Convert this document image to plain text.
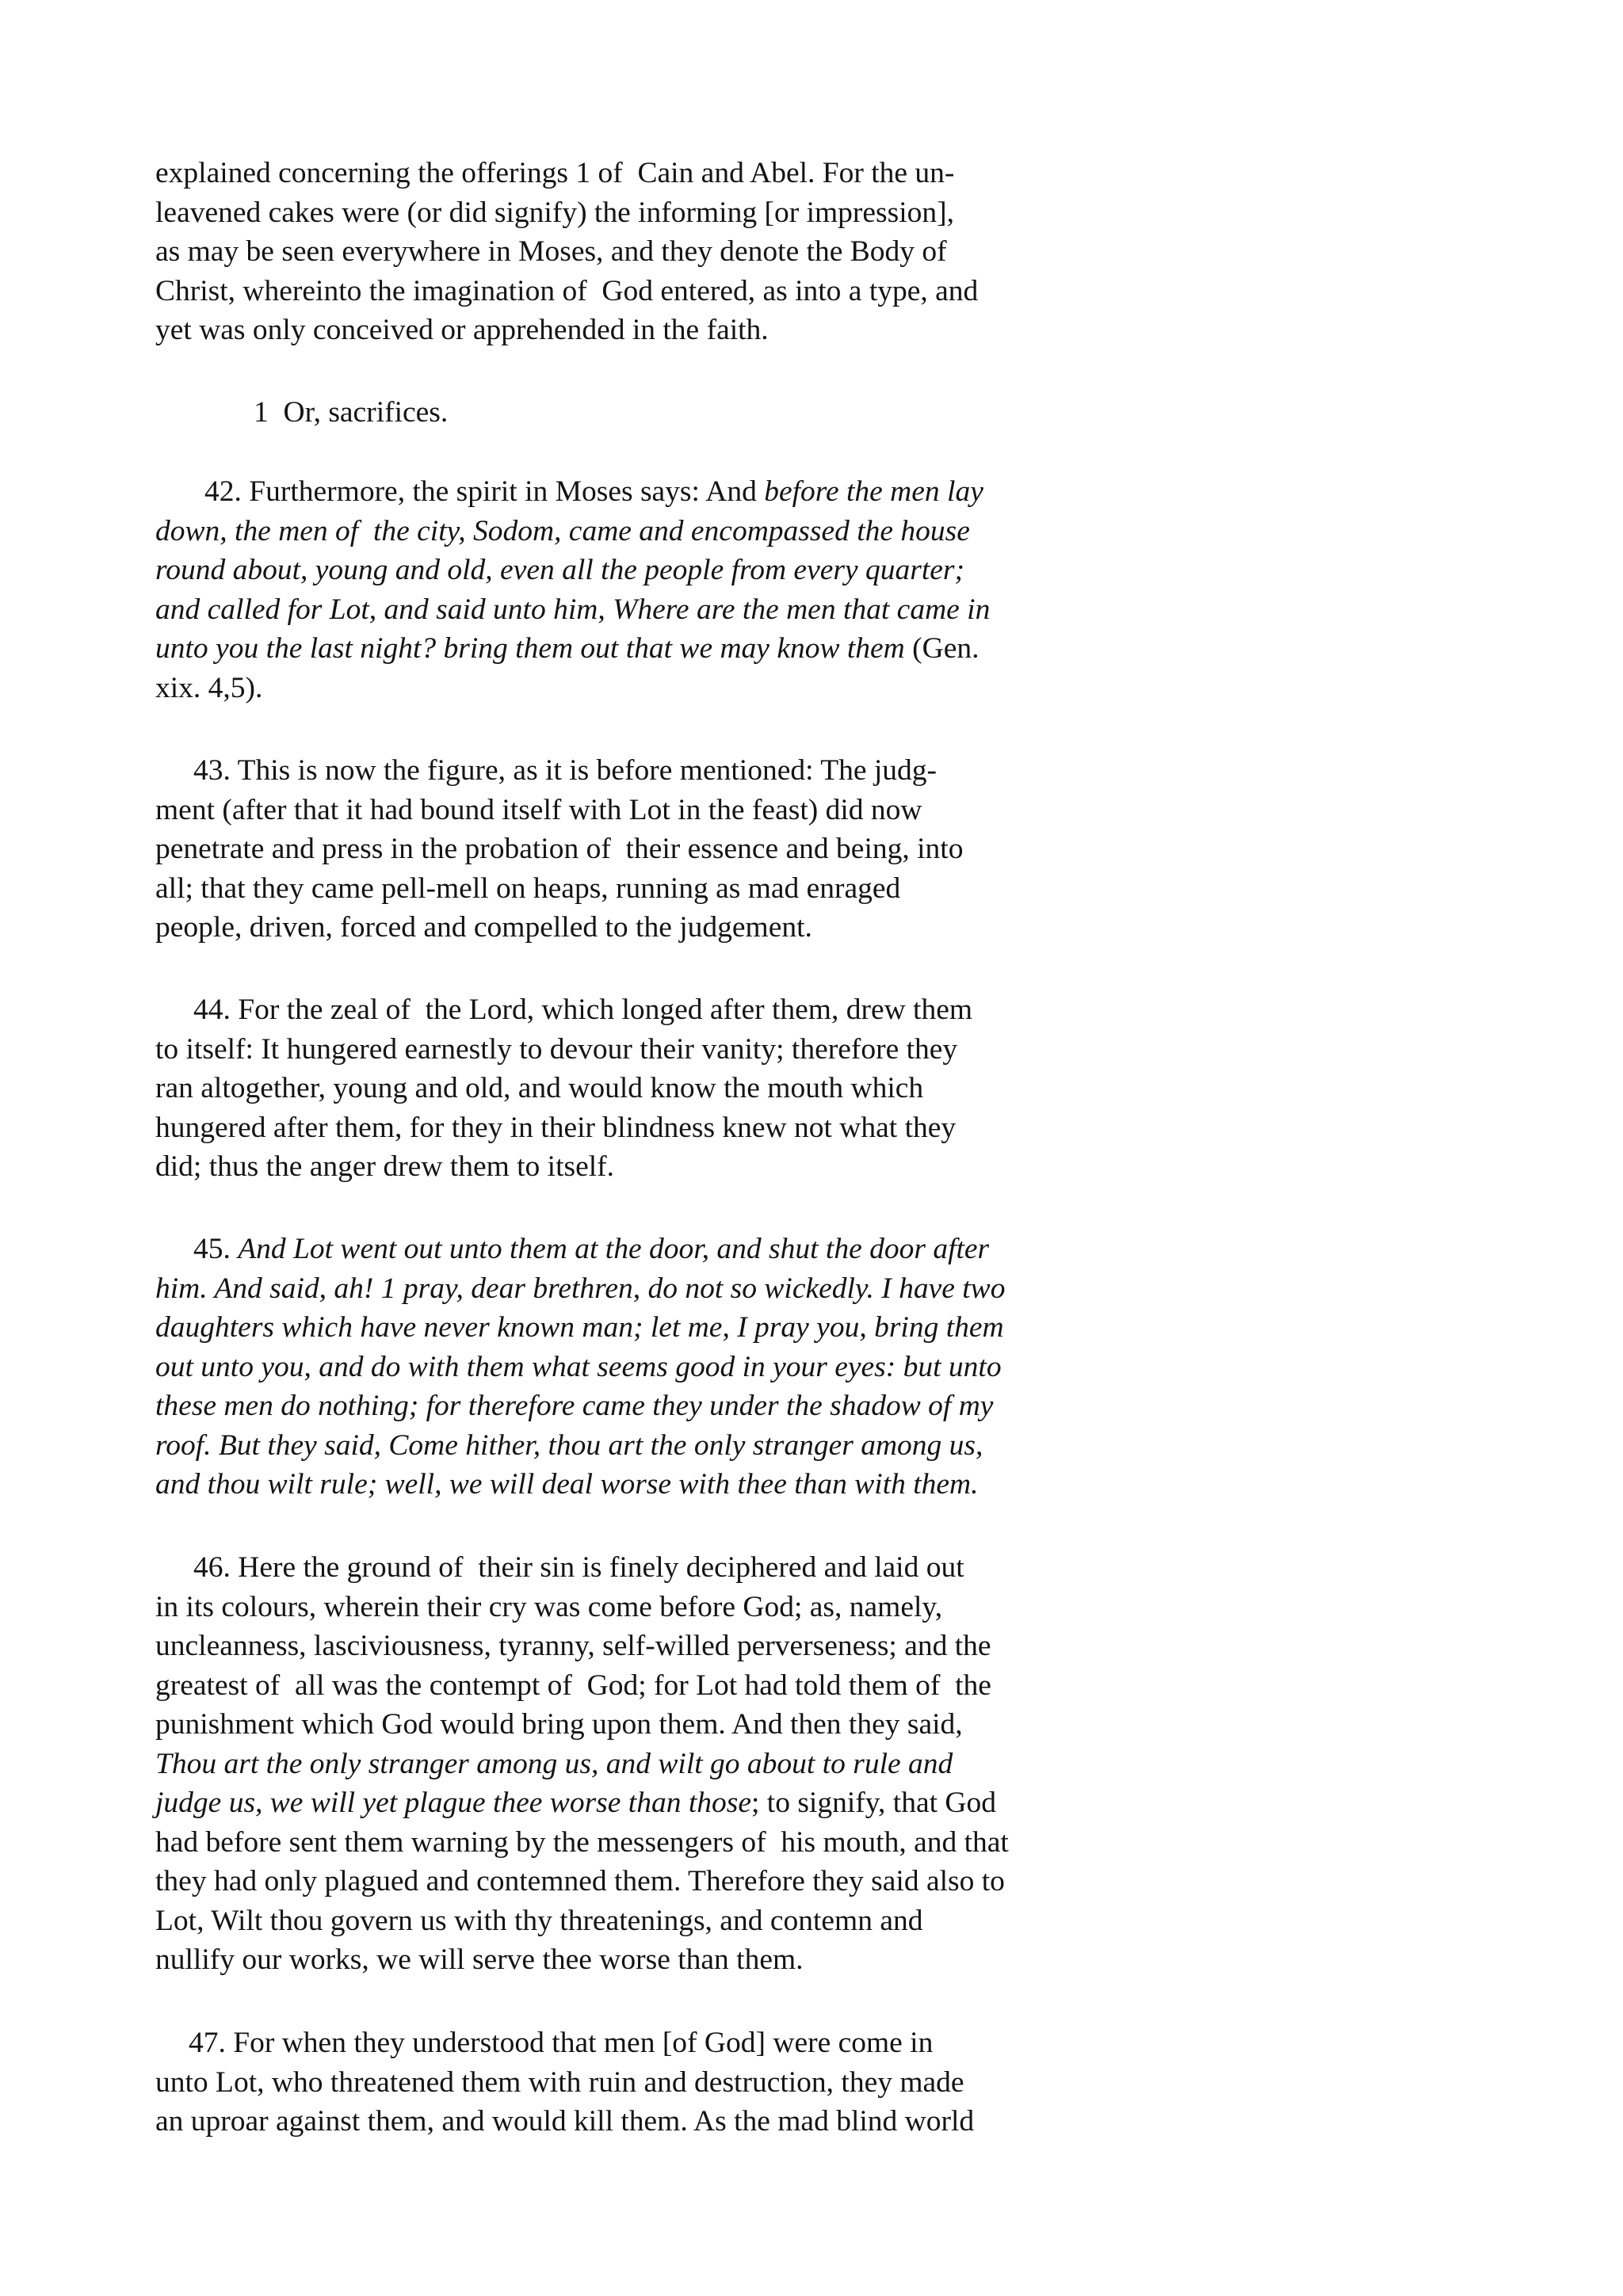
explained concerning the offerings 1 of  Cain and Abel. For the un-
leavened cakes were (or did signify) the informing [or impression],
as may be seen everywhere in Moses, and they denote the Body of
Christ, whereinto the imagination of  God entered, as into a type, and
yet was only conceived or apprehended in the faith.
1  Or, sacrifices.
42. Furthermore, the spirit in Moses says: And before the men lay
down, the men of  the city, Sodom, came and encompassed the house
round about, young and old, even all the people from every quarter;
and called for Lot, and said unto him, Where are the men that came in
unto you the last night? bring them out that we may know them (Gen.
xix. 4,5).
43. This is now the figure, as it is before mentioned: The judg-
ment (after that it had bound itself with Lot in the feast) did now
penetrate and press in the probation of  their essence and being, into
all; that they came pell-mell on heaps, running as mad enraged
people, driven, forced and compelled to the judgement.
44. For the zeal of  the Lord, which longed after them, drew them
to itself: It hungered earnestly to devour their vanity; therefore they
ran altogether, young and old, and would know the mouth which
hungered after them, for they in their blindness knew not what they
did; thus the anger drew them to itself.
45. And Lot went out unto them at the door, and shut the door after
him. And said, ah! 1 pray, dear brethren, do not so wickedly. I have two
daughters which have never known man; let me, I pray you, bring them
out unto you, and do with them what seems good in your eyes: but unto
these men do nothing; for therefore came they under the shadow of my
roof. But they said, Come hither, thou art the only stranger among us,
and thou wilt rule; well, we will deal worse with thee than with them.
46. Here the ground of  their sin is finely deciphered and laid out
in its colours, wherein their cry was come before God; as, namely,
uncleanness, lasciviousness, tyranny, self-willed perverseness; and the
greatest of  all was the contempt of  God; for Lot had told them of  the
punishment which God would bring upon them. And then they said,
Thou art the only stranger among us, and wilt go about to rule and
judge us, we will yet plague thee worse than those; to signify, that God
had before sent them warning by the messengers of  his mouth, and that
they had only plagued and contemned them. Therefore they said also to
Lot, Wilt thou govern us with thy threatenings, and contemn and
nullify our works, we will serve thee worse than them.
47. For when they understood that men [of God] were come in
unto Lot, who threatened them with ruin and destruction, they made
an uproar against them, and would kill them. As the mad blind world
